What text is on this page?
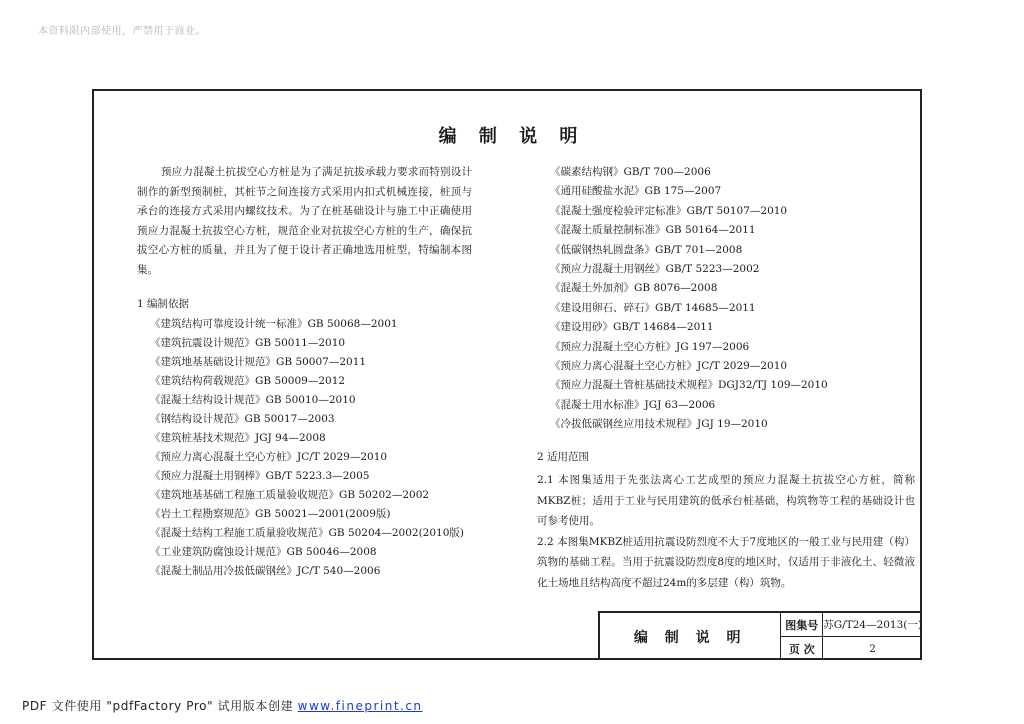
本资料限内部使用，严禁用于商业。
编 制 说 明

预应力混凝土抗拔空心方桩是为了满足抗拔承载力要求而特别设计制作的新型预制桩，其桩节之间连接方式采用内扣式机械连接，桩顶与承台的连接方式采用内螺纹技术。为了在桩基础设计与施工中正确使用预应力混凝土抗拔空心方桩，规范企业对抗拔空心方桩的生产，确保抗拔空心方桩的质量，并且为了便于设计者正确地选用桩型，特编制本图集。

1 编制依据
《建筑结构可靠度设计统一标准》GB 50068—2001
《建筑抗震设计规范》GB 50011—2010
《建筑地基基础设计规范》GB 50007—2011
《建筑结构荷载规范》GB 50009—2012
《混凝土结构设计规范》GB 50010—2010
《钢结构设计规范》GB 50017—2003
《建筑桩基技术规范》JGJ 94—2008
《预应力离心混凝土空心方桩》JC/T 2029—2010
《预应力混凝土用钢棒》GB/T 5223.3—2005
《建筑地基基础工程施工质量验收规范》GB 50202—2002
《岩土工程勘察规范》GB 50021—2001(2009版)
《混凝土结构工程施工质量验收规范》GB 50204—2002(2010版)
《工业建筑防腐蚀设计规范》GB 50046—2008
《混凝土制品用冷拔低碳钢丝》JC/T 540—2006
《碳素结构钢》GB/T 700—2006
《通用硅酸盐水泥》GB 175—2007
《混凝土强度检验评定标准》GB/T 50107—2010
《混凝土质量控制标准》GB 50164—2011
《低碳钢热轧圆盘条》GB/T 701—2008
《预应力混凝土用钢丝》GB/T 5223—2002
《混凝土外加剂》GB 8076—2008
《建设用卵石、碎石》GB/T 14685—2011
《建设用砂》GB/T 14684—2011
《预应力混凝土空心方桩》JG 197—2006
《预应力离心混凝土空心方桩》JC/T 2029—2010
《预应力混凝土管桩基础技术规程》DGJ32/TJ 109—2010
《混凝土用水标准》JGJ 63—2006
《冷拔低碳钢丝应用技术规程》JGJ 19—2010
2 适用范围

2.1 本图集适用于先张法离心工艺成型的预应力混凝土抗拔空心方桩，简称MKBZ桩；适用于工业与民用建筑的低承台桩基础，构筑物等工程的基础设计也可参考使用。

2.2 本图集MKBZ桩适用抗震设防烈度不大于7度地区的一般工业与民用建（构）筑物的基础工程。当用于抗震设防烈度8度的地区时，仅适用于非液化土、轻微液化土场地且结构高度不超过24m的多层建（构）筑物。

编 制 说 明
图集号 苏G/T24—2013(一)
页 次	2
PDF 文件使用 "pdfFactory Pro" 试用版本创建 www.fineprint.cn
